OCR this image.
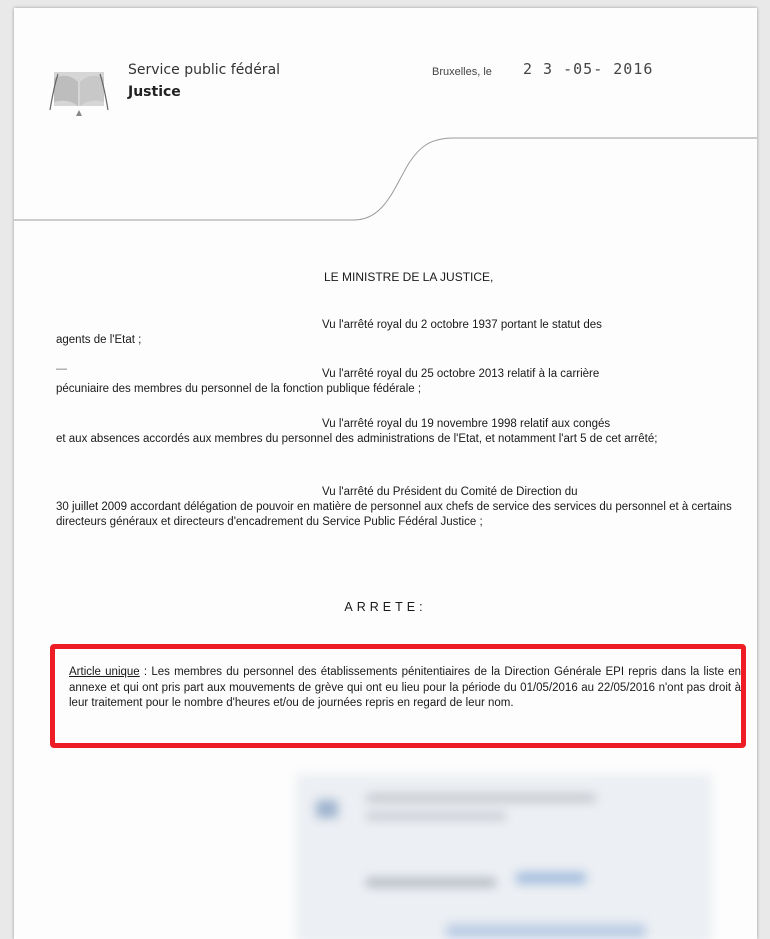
Service public fédéral
Justice
Bruxelles, le 2 3 -05- 2016
LE MINISTRE DE LA JUSTICE,
Vu l'arrêté royal du 2 octobre 1937 portant le statut des
agents de l'Etat ;
—	Vu l'arrêté royal du 25 octobre 2013 relatif à la carrière
pécuniaire des membres du personnel de la fonction publique fédérale ;
Vu l'arrêté royal du 19 novembre 1998 relatif aux congés
et aux absences accordés aux membres du personnel des administrations de l'Etat, et notamment l'art 5 de cet arrêté;
Vu l'arrêté du Président du Comité de Direction du
30 juillet 2009 accordant délégation de pouvoir en matière de personnel aux chefs de service des services du personnel et à certains directeurs généraux et directeurs d'encadrement du Service Public Fédéral Justice ;
ARRETE:
Article unique : Les membres du personnel des établissements pénitentiaires de la Direction Générale EPI repris dans la liste en annexe et qui ont pris part aux mouvements de grève qui ont eu lieu pour la période du 01/05/2016 au 22/05/2016 n'ont pas droit à leur traitement pour le nombre d'heures et/ou de journées repris en regard de leur nom.
